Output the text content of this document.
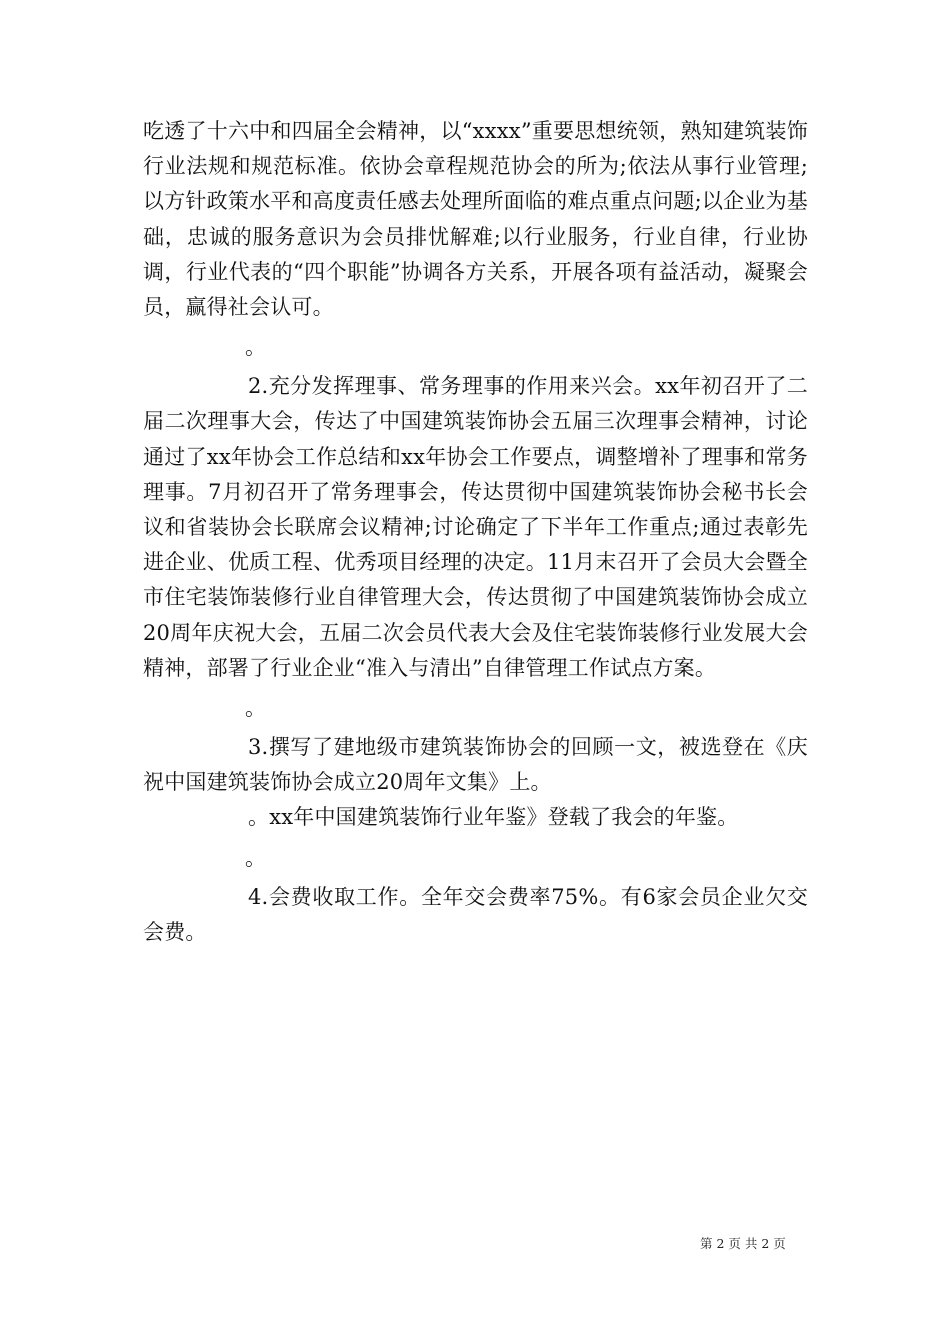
吃透了十六中和四届全会精神，以“xxxx”重要思想统领，熟知建筑装饰行业法规和规范标准。依协会章程规范协会的所为;依法从事行业管理;以方针政策水平和高度责任感去处理所面临的难点重点问题;以企业为基础，忠诚的服务意识为会员排忧解难;以行业服务，行业自律，行业协调，行业代表的“四个职能”协调各方关系，开展各项有益活动，凝聚会员，赢得社会认可。

。

2.充分发挥理事、常务理事的作用来兴会。xx年初召开了二届二次理事大会，传达了中国建筑装饰协会五届三次理事会精神，讨论通过了xx年协会工作总结和xx年协会工作要点，调整增补了理事和常务理事。7月初召开了常务理事会，传达贯彻中国建筑装饰协会秘书长会议和省装协会长联席会议精神;讨论确定了下半年工作重点;通过表彰先进企业、优质工程、优秀项目经理的决定。11月末召开了会员大会暨全市住宅装饰装修行业自律管理大会，传达贯彻了中国建筑装饰协会成立20周年庆祝大会，五届二次会员代表大会及住宅装饰装修行业发展大会精神，部署了行业企业“准入与清出”自律管理工作试点方案。

。

3.撰写了建地级市建筑装饰协会的回顾一文，被选登在《庆祝中国建筑装饰协会成立20周年文集》上。

。xx年中国建筑装饰行业年鉴》登载了我会的年鉴。

。

4.会费收取工作。全年交会费率75%。有6家会员企业欠交会费。

第 2 页 共 2 页
